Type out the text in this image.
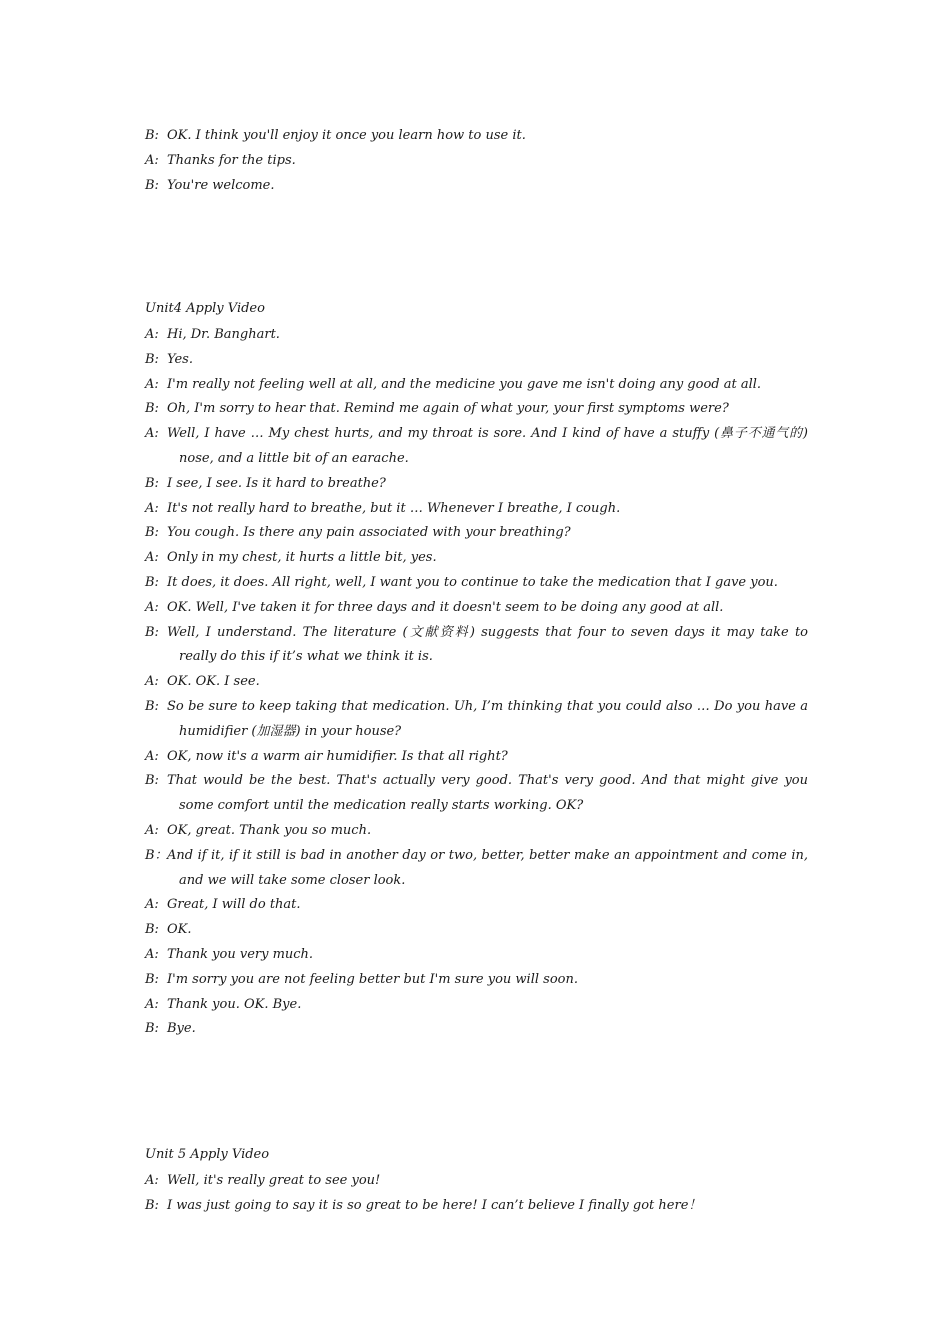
B: OK. I think you'll enjoy it once you learn how to use it.
A: Thanks for the tips.
B: You're welcome.
Unit4 Apply Video
A: Hi, Dr. Banghart.
B: Yes.
A: I'm really not feeling well at all, and the medicine you gave me isn't doing any good at all.
B: Oh, I'm sorry to hear that. Remind me again of what your, your first symptoms were?
A: Well, I have … My chest hurts, and my throat is sore. And I kind of have a stuffy (鼻子不通气的) nose, and a little bit of an earache.
B: I see, I see. Is it hard to breathe?
A: It's not really hard to breathe, but it … Whenever I breathe, I cough.
B: You cough. Is there any pain associated with your breathing?
A: Only in my chest, it hurts a little bit, yes.
B: It does, it does. All right, well, I want you to continue to take the medication that I gave you.
A: OK. Well, I've taken it for three days and it doesn't seem to be doing any good at all.
B: Well, I understand. The literature (文献资料) suggests that four to seven days it may take to really do this if it’s what we think it is.
A: OK. OK. I see.
B: So be sure to keep taking that medication. Uh, I’m thinking that you could also … Do you have a humidifier (加湿器) in your house?
A: OK, now it's a warm air humidifier. Is that all right?
B: That would be the best. That's actually very good. That's very good. And that might give you some comfort until the medication really starts working. OK?
A: OK, great. Thank you so much.
B： And if it, if it still is bad in another day or two, better, better make an appointment and come in, and we will take some closer look.
A: Great, I will do that.
B: OK.
A: Thank you very much.
B: I'm sorry you are not feeling better but I'm sure you will soon.
A: Thank you. OK. Bye.
B: Bye.
Unit 5 Apply Video
A: Well, it's really great to see you!
B: I was just going to say it is so great to be here! I can’t believe I finally got here！
